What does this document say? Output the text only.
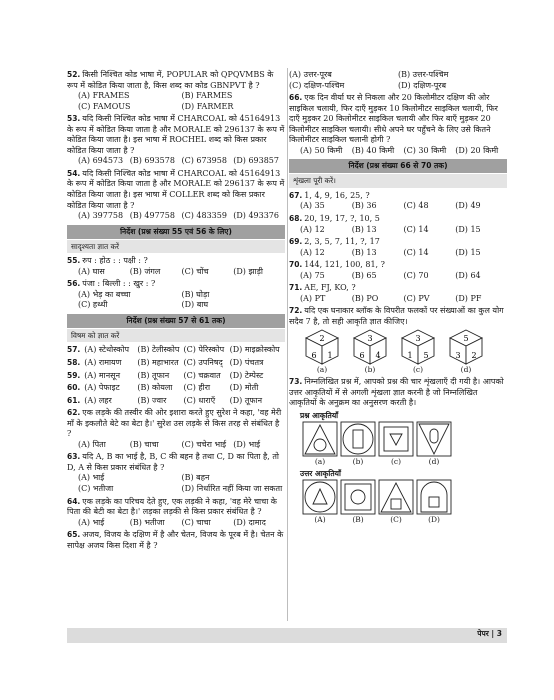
52. किसी निश्चित कोड भाषा में, POPULAR को QPQVMBS के रूप में कोडित किया जाता है, किस शब्द का कोड GBNPVT है ?
(A) FRAMES	(B) FARMES
(C) FAMOUS	(D) FARMER
53. यदि किसी निश्चित कोड भाषा में CHARCOAL को 45164913 के रूप में कोडित किया जाता है और MORALE को 296137 के रूप में कोडित किया जाता है। इस भाषा में ROCHEL शब्द को किस प्रकार कोडित किया जाता है ?
(A) 694573 (B) 693578 (C) 673958 (D) 693857
54. यदि किसी निश्चित कोड भाषा में CHARCOAL को 45164913 के रूप में कोडित किया जाता है और MORALE को 296137 के रूप में कोडित किया जाता है। इस भाषा में COLLER शब्द को किस प्रकार कोडित किया जाता है ?
(A) 397758 (B) 497758 (C) 483359 (D) 493376
निर्देश (प्रश्न संख्या 55 एवं 56 के लिए)
सादृश्यता ज्ञात करें
55. रुप : होठ : : पक्षी : ?
(A) घास	(B) जंगल	(C) चोंच	(D) झाड़ी
56. पंजा : बिल्ली : : खुर : ?
(A) भेड़ का बच्चा	(B) घोड़ा
(C) हथ्थी	(D) बाघ
निर्देश (प्रश्न संख्या 57 से 61 तक)
विषम को ज्ञात करें
57. (A) स्टेथोस्कोप	(B) टेलीस्कोप (C) पेरिस्कोप (D) माइक्रोस्कोप
58. (A) रामायण	(B) महाभारत (C) उपनिषद् (D) पंचतत्र
59. (A) मानसून	(B) तूफान	(C) चक्रवात	(D) टेम्पेस्ट
60. (A) पेफाइट	(B) कोयला	(C) हीरा	(D) मोती
61. (A) लहर	(B) ज्वार	(C) धाराएँ	(D) तूफान
62. एक लड़के की तस्वीर की ओर इशारा करते हुए सुरेश ने कहा, 'वह मेरी माँ के इकलौते बेटे का बेटा है।' सुरेश उस लड़के से किस तरह से संबंधित है ?
(A) पिता	(B) चाचा	(C) चचेरा भाई (D) भाई
63. यदि A, B का भाई है, B, C की बहन है तथा C, D का पिता है, तो D, A से किस प्रकार संबंधित है ?
(A) भाई	(B) बहन
(C) भतीजा	(D) निर्धारित नहीं किया जा सकता
64. एक लड़के का परिचय देते हुए, एक लड़की ने कहा, 'वह मेरे चाचा के पिता की बेटी का बेटा है।' लड़का लड़की से किस प्रकार संबंधित है ?
(A) भाई	(B) भतीजा	(C) चाचा	(D) दामाद
65. अजय, विजय के दक्षिण में है और चेतन, विजय के पूरब में है। चेतन के सापेक्ष अजय किस दिशा में है ?
(A) उत्तर-पूरब	(B) उत्तर-पश्चिम
(C) दक्षिण-पश्चिम	(D) दक्षिण-पूरब
66. एक दिन वीर्या घर से निकला और 20 किलोमीटर दक्षिण की ओर साइकिल चलायी, फिर दाएँ मुड़कर 10 किलोमीटर साइकिल चलायी, फिर दाएँ मुड़कर 20 किलोमीटर साइकिल चलायी और फिर बाएँ मुड़कर 20 किलोमीटर साइकिल चलायी। सीधे अपने घर पहुँचने के लिए उसे कितने किलोमीटर साइकिल चलानी होगी ?
(A) 50 किमी	(B) 40 किमी	(C) 30 किमी	(D) 20 किमी
निर्देश (प्रश्न संख्या 66 से 70 तक)
शृंखला पूरी करें।
67. 1, 4, 9, 16, 25, ?
(A) 35	(B) 36	(C) 48	(D) 49
68. 20, 19, 17, ?, 10, 5
(A) 12	(B) 13	(C) 14	(D) 15
69. 2, 3, 5, 7, 11, ?, 17
(A) 12	(B) 13	(C) 14	(D) 15
70. 144, 121, 100, 81, ?
(A) 75	(B) 65	(C) 70	(D) 64
71. AE, FJ, KO, ?
(A) PT	(B) PO	(C) PV	(D) PF
72. यदि एक घनाकार ब्लॉक के विपरीत फलकों पर संख्याओं का कुल योग सदैव 7 है, तो सही आकृति ज्ञात कीजिए।
2
6 1
(a)
3
6 4
(b)
3
1 5
(c)
5
3 2
(d)
73. निम्नलिखित प्रश्न में, आपको प्रश्न की चार शृंखलाएँ दी गयी है। आपको उत्तर आकृतियों में से अगली शृंखला ज्ञात करनी है जो निम्नलिखित आकृतियों के अनुक्रम का अनुसरण करती है।
प्रश्न आकृतियाँ
(a)	(b)	(c)	(d)
उत्तर आकृतियाँ
(A)	(B)	(C)	(D)
पेपर | 3
